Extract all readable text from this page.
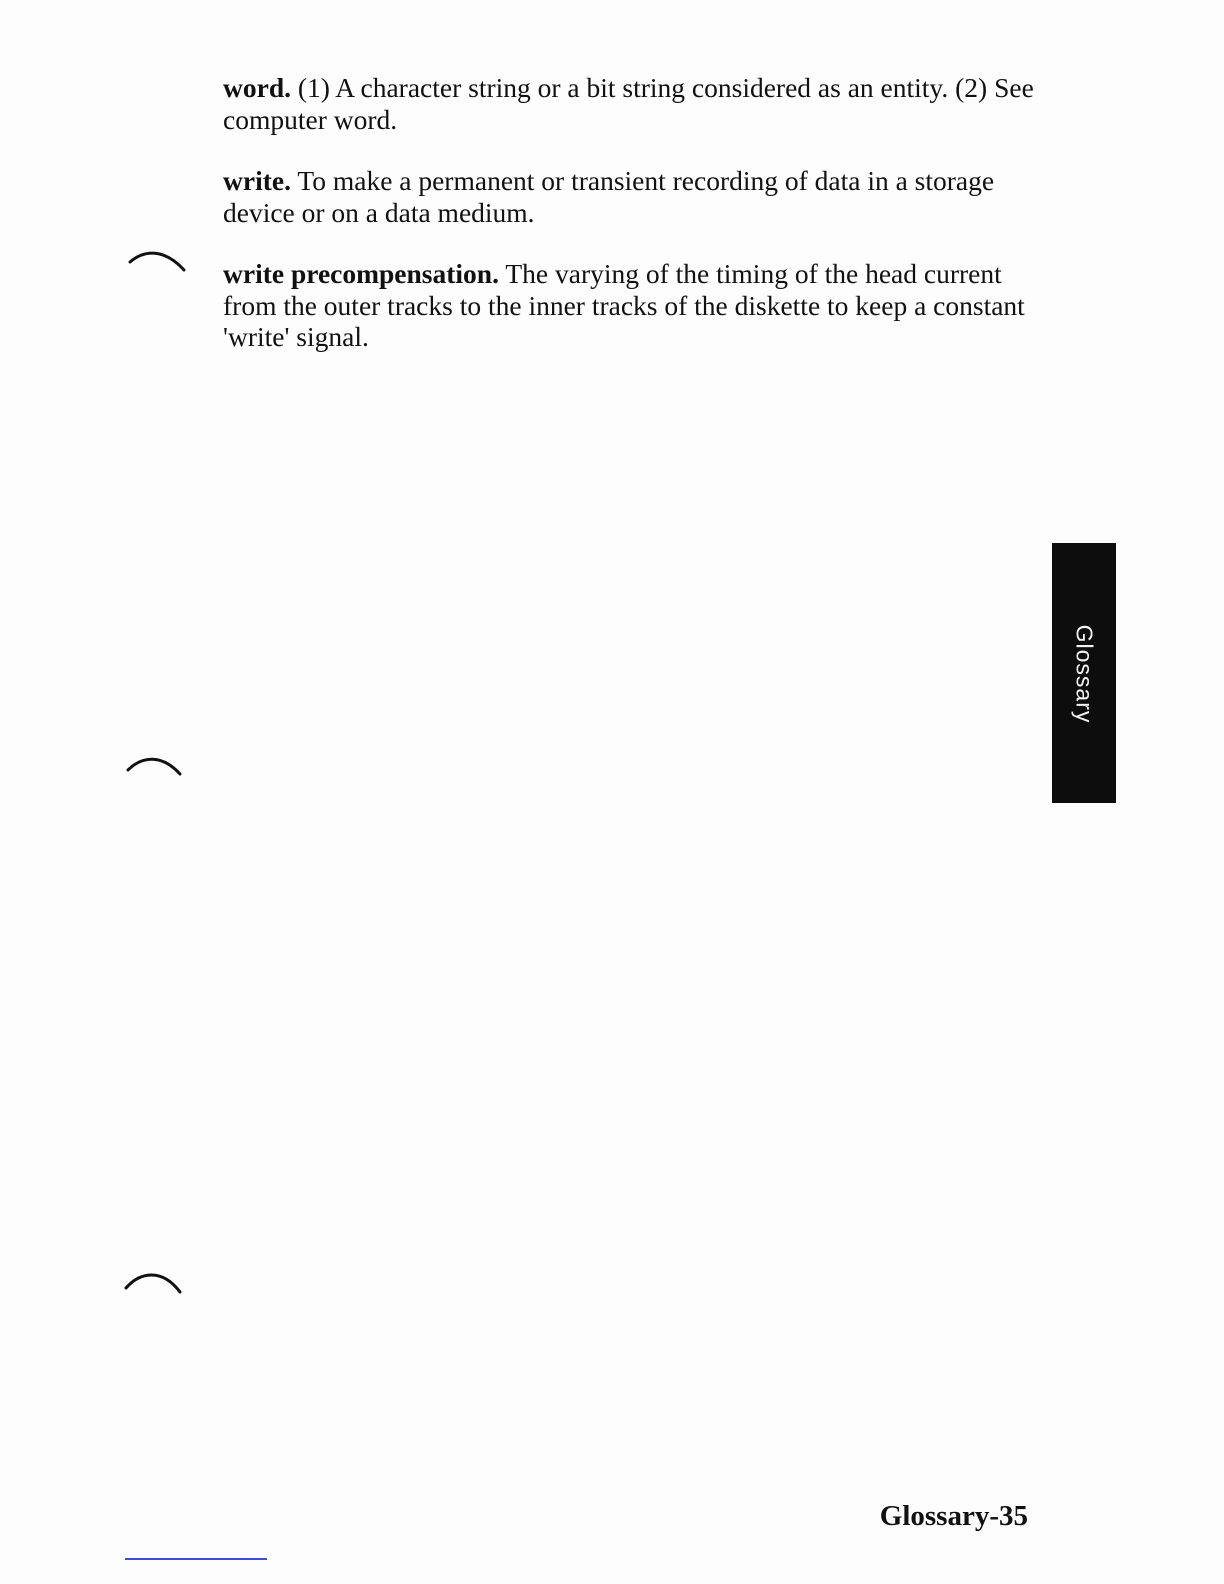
word. (1) A character string or a bit string considered as an entity. (2) See computer word.

write. To make a permanent or transient recording of data in a storage device or on a data medium.

write precompensation. The varying of the timing of the head current from the outer tracks to the inner tracks of the diskette to keep a constant 'write' signal.

Glossary
Glossary-35
